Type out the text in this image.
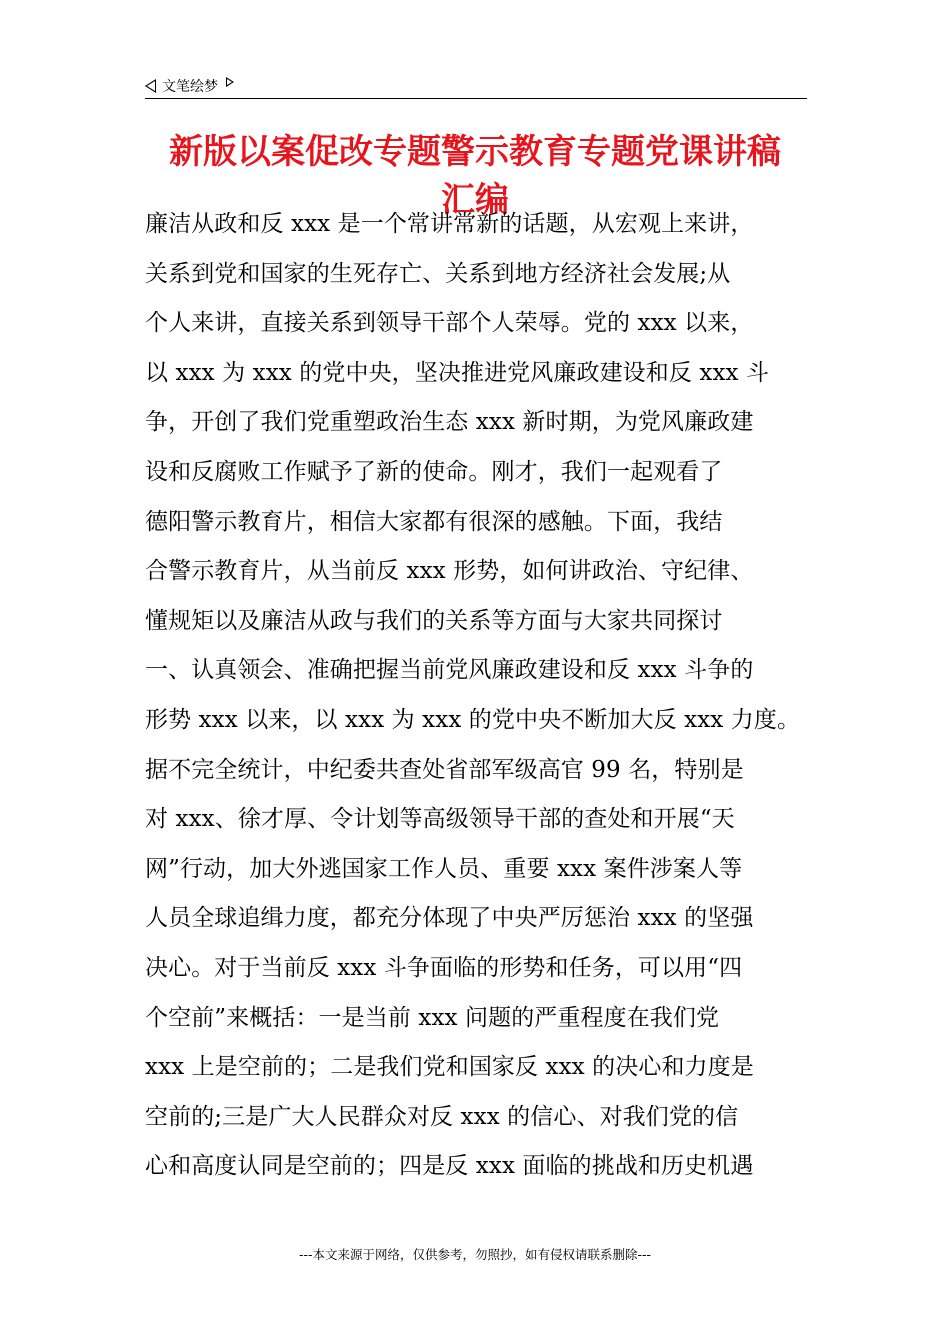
文笔绘梦
新版以案促改专题警示教育专题党课讲稿
汇编
廉洁从政和反 xxx 是一个常讲常新的话题，从宏观上来讲，
关系到党和国家的生死存亡、关系到地方经济社会发展;从
个人来讲，直接关系到领导干部个人荣辱。党的 xxx 以来，
以 xxx 为 xxx 的党中央，坚决推进党风廉政建设和反 xxx 斗
争，开创了我们党重塑政治生态 xxx 新时期，为党风廉政建
设和反腐败工作赋予了新的使命。刚才，我们一起观看了
德阳警示教育片，相信大家都有很深的感触。下面，我结
合警示教育片，从当前反 xxx 形势，如何讲政治、守纪律、
懂规矩以及廉洁从政与我们的关系等方面与大家共同探讨
一、认真领会、准确把握当前党风廉政建设和反 xxx 斗争的
形势 xxx 以来，以 xxx 为 xxx 的党中央不断加大反 xxx 力度。
据不完全统计，中纪委共查处省部军级高官 99 名，特别是
对 xxx、徐才厚、令计划等高级领导干部的查处和开展“天
网”行动，加大外逃国家工作人员、重要 xxx 案件涉案人等
人员全球追缉力度，都充分体现了中央严厉惩治 xxx 的坚强
决心。对于当前反 xxx 斗争面临的形势和任务，可以用“四
个空前”来概括：一是当前 xxx 问题的严重程度在我们党
xxx 上是空前的；二是我们党和国家反 xxx 的决心和力度是
空前的;三是广大人民群众对反 xxx 的信心、对我们党的信
心和高度认同是空前的；四是反 xxx 面临的挑战和历史机遇
---本文来源于网络，仅供参考，勿照抄，如有侵权请联系删除---
